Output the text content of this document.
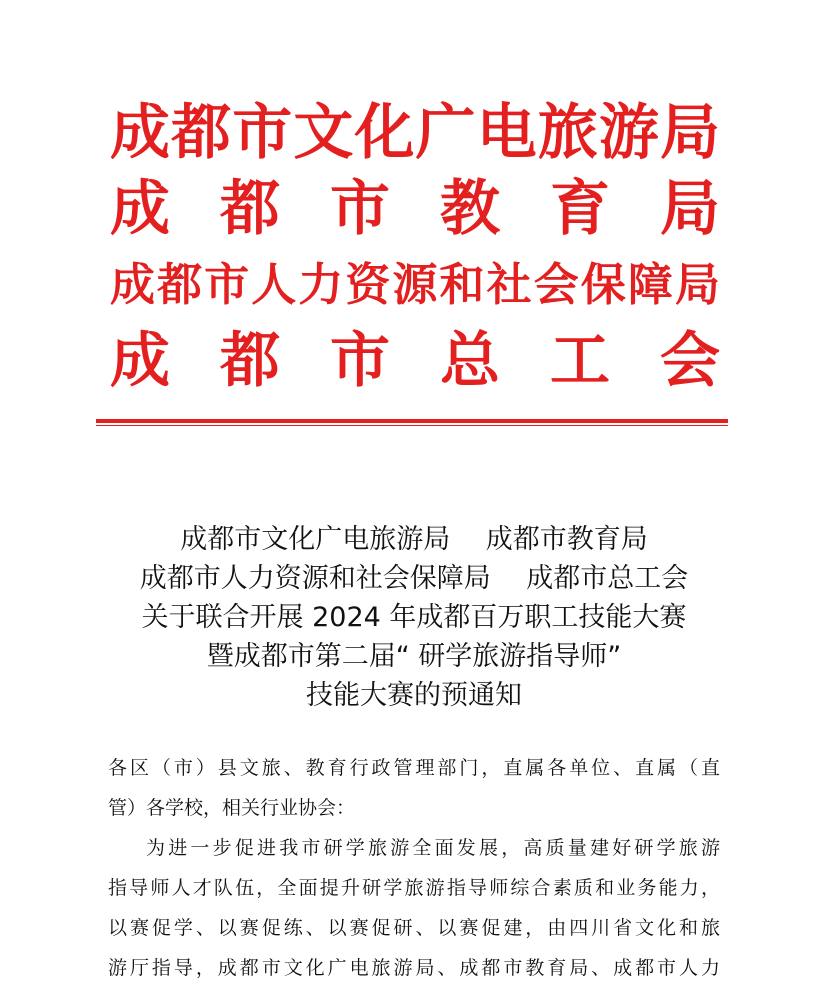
成 都 市 文 化 广 电 旅 游 局
成 都 市 教 育 局
成 都 市 人 力 资 源 和 社 会 保 障 局
成 都 市 总 工 会
成都市文化广电旅游局　 成都市教育局
成都市人力资源和社会保障局　 成都市总工会
关于联合开展 2024 年成都百万职工技能大赛
暨成都市第二届“ 研学旅游指导师”
技能大赛的预通知
各区（市）县文旅、教育行政管理部门，直属各单位、直属（直
管）各学校，相关行业协会：
为进一步促进我市研学旅游全面发展，高质量建好研学旅游
指导师人才队伍，全面提升研学旅游指导师综合素质和业务能力，
以赛促学、以赛促练、以赛促研、以赛促建，由四川省文化和旅
游厅指导，成都市文化广电旅游局、成都市教育局、成都市人力
